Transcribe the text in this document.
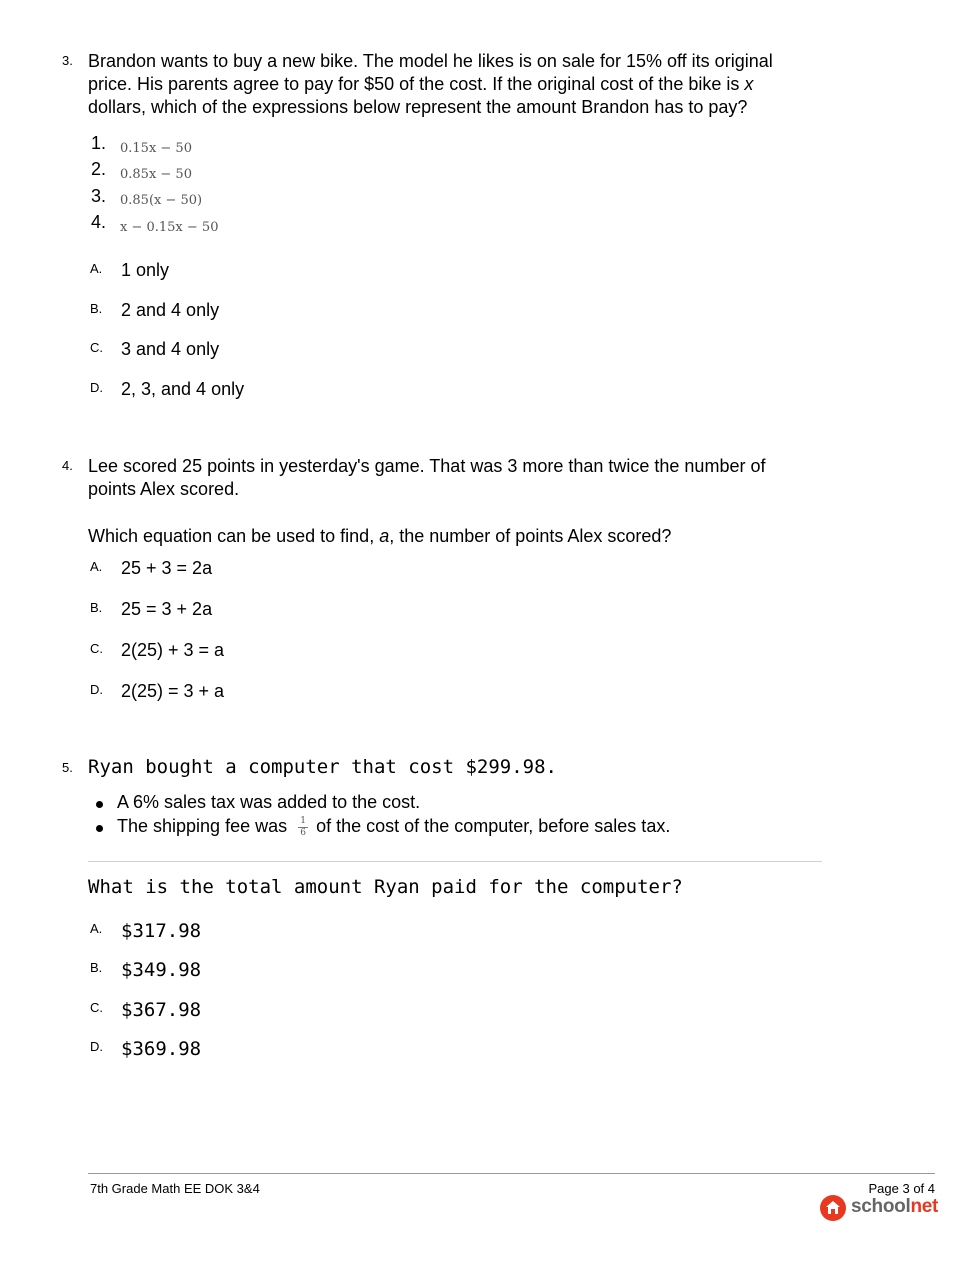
3. Brandon wants to buy a new bike. The model he likes is on sale for 15% off its original
price. His parents agree to pay for $50 of the cost. If the original cost of the bike is x
dollars, which of the expressions below represent the amount Brandon has to pay?
1. 0.15x − 50
2. 0.85x − 50
3. 0.85(x − 50)
4. x − 0.15x − 50
A. 1 only
B. 2 and 4 only
C. 3 and 4 only
D. 2, 3, and 4 only
4. Lee scored 25 points in yesterday's game. That was 3 more than twice the number of
points Alex scored.
Which equation can be used to find, a, the number of points Alex scored?
A. 25 + 3 = 2a
B. 25 = 3 + 2a
C. 2(25) + 3 = a
D. 2(25) = 3 + a
5. Ryan bought a computer that cost $299.98.
A 6% sales tax was added to the cost.
The shipping fee was $\frac{1}{6}$ of the cost of the computer, before sales tax.
What is the total amount Ryan paid for the computer?
A. $317.98
B. $349.98
C. $367.98
D. $369.98
7th Grade Math EE DOK 3&4	Page 3 of 4
schoolnet
